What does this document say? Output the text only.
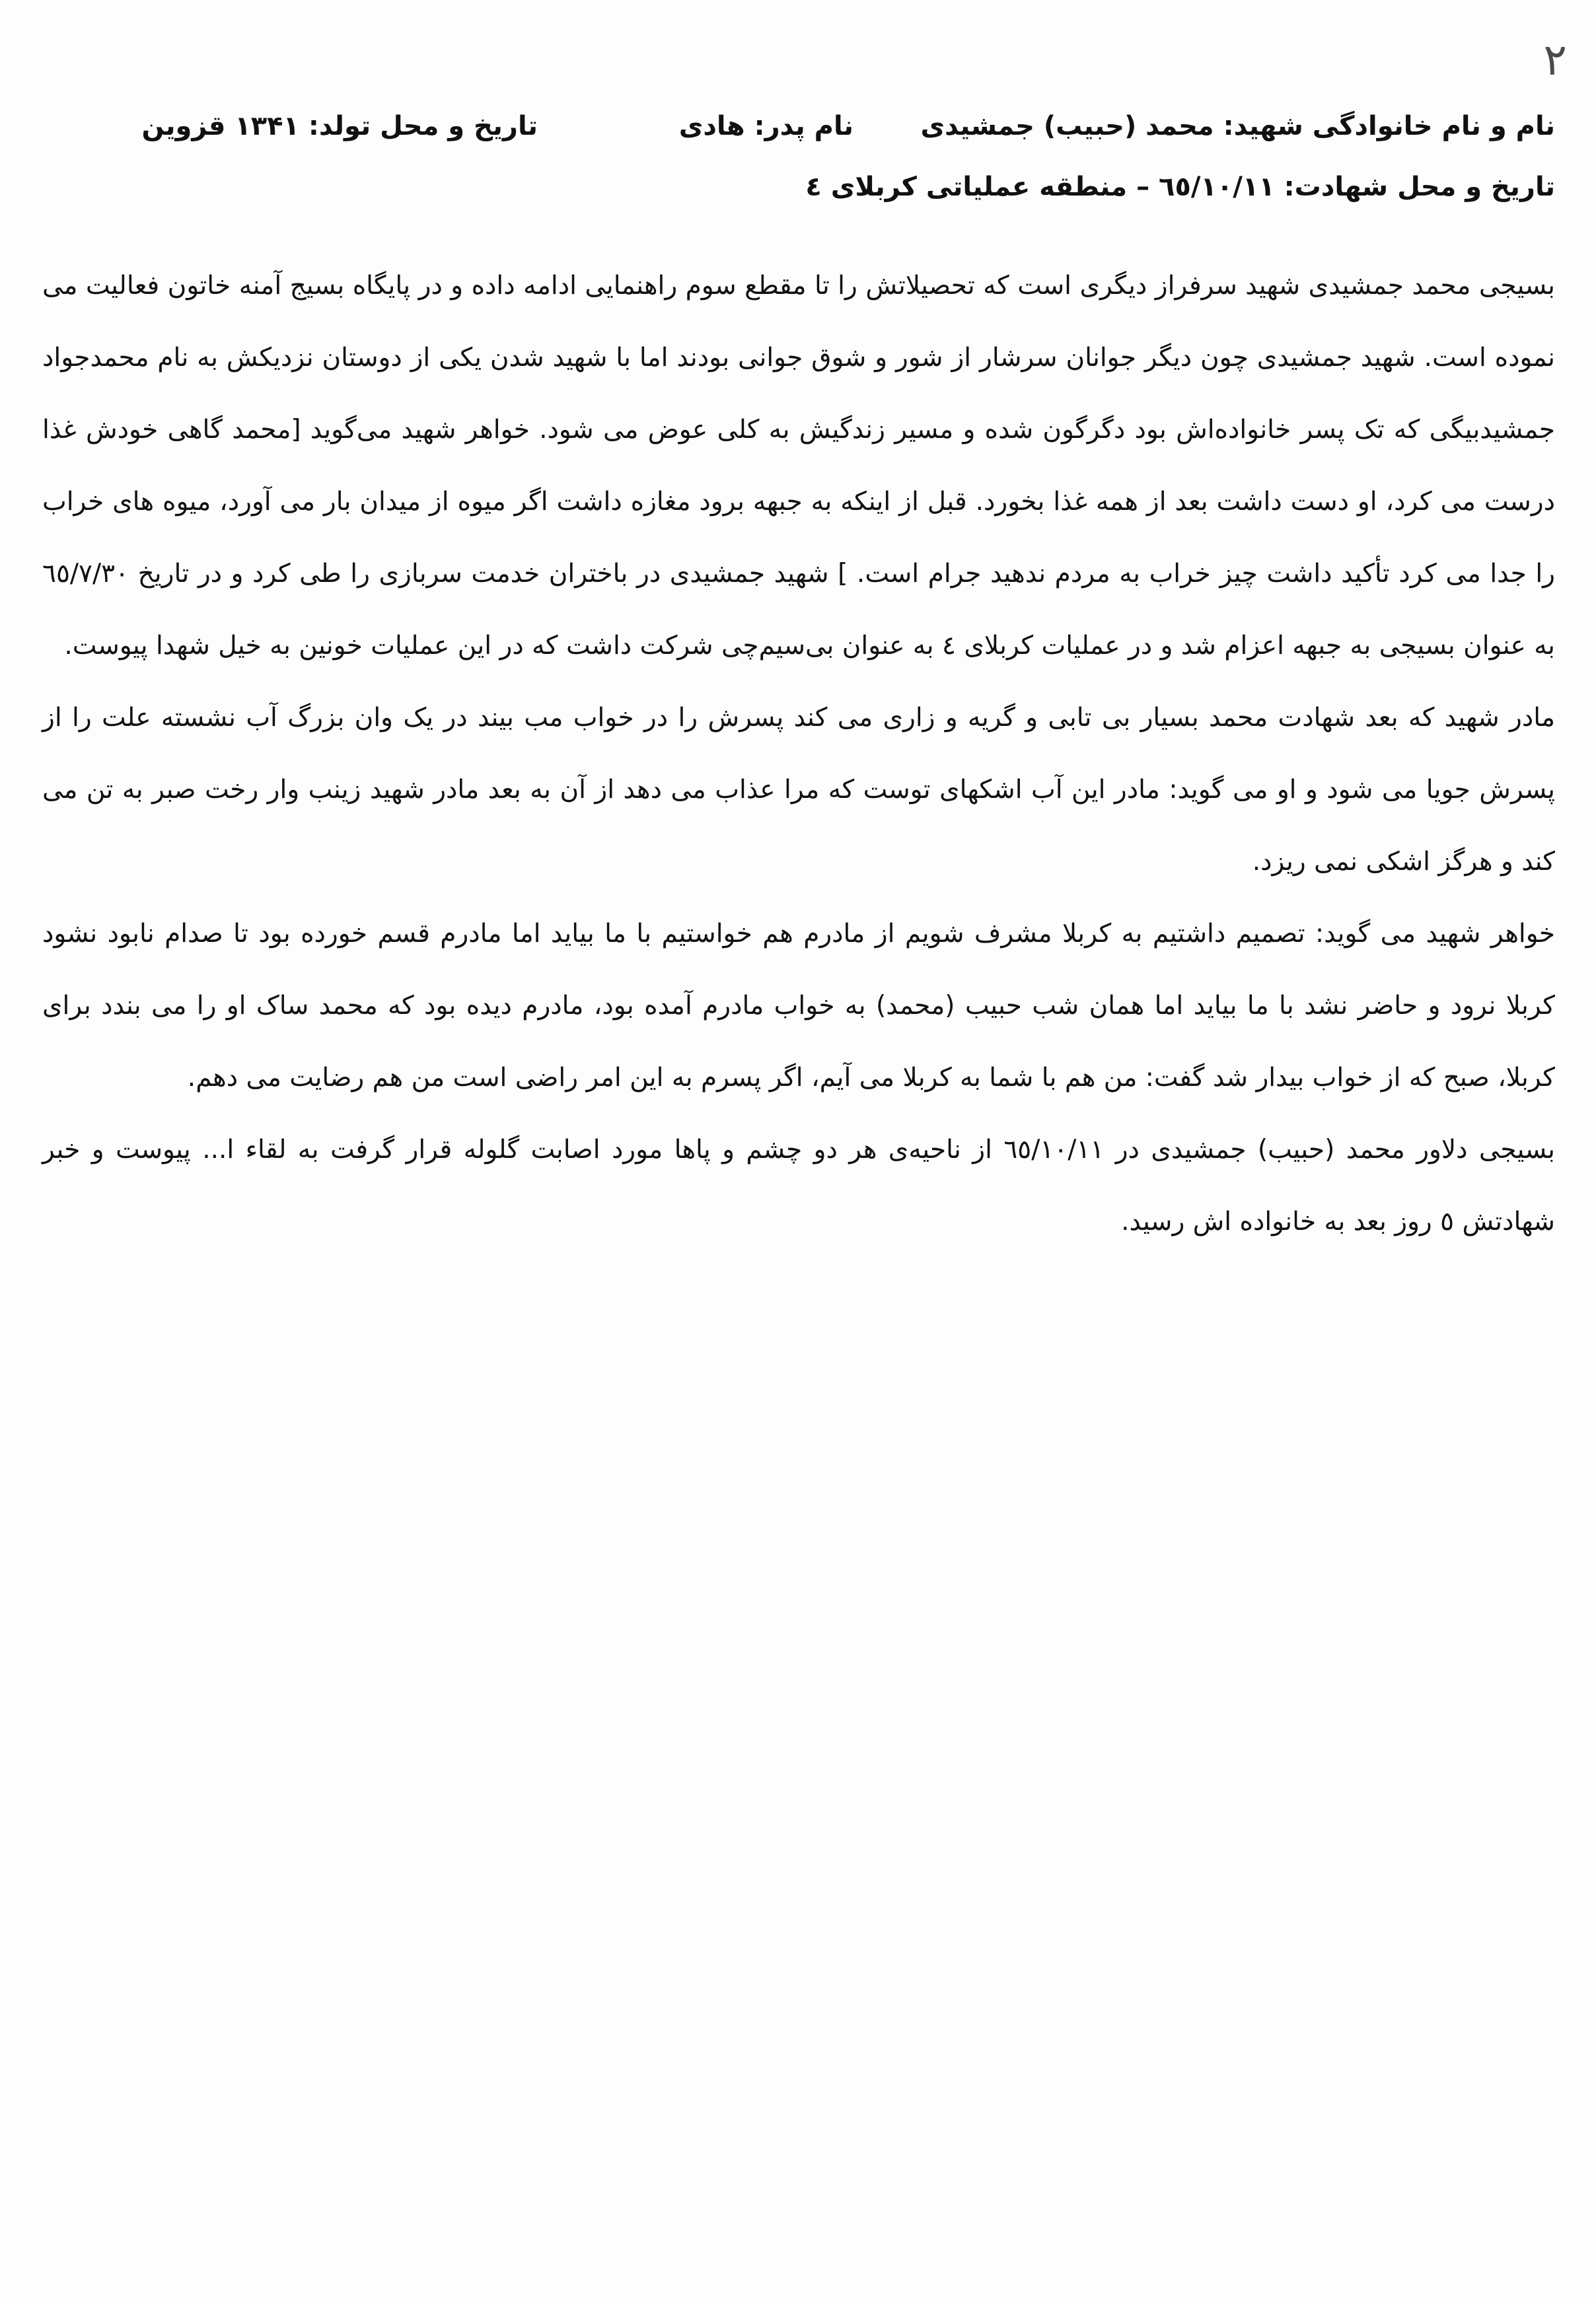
۲
نام و نام خانوادگی شهید: محمد (حبیب) جمشیدی
نام پدر: هادی
تاریخ و محل تولد: ۱۳۴۱ قزوین
تاریخ و محل شهادت: ٦٥/١٠/١١ – منطقه عملیاتی کربلای ٤

بسیجی محمد جمشیدی شهید سرفراز دیگری است که تحصیلاتش را تا مقطع سوم راهنمایی ادامه داده و در پایگاه بسیج آمنه خاتون فعالیت می نموده است. شهید جمشیدی چون دیگر جوانان سرشار از شور و شوق جوانی بودند اما با شهید شدن یکی از دوستان نزدیکش به نام محمدجواد جمشیدبیگی که تک پسر خانواده‌اش بود دگرگون شده و مسیر زندگیش به کلی عوض می شود. خواهر شهید می‌گوید [محمد گاهی خودش غذا درست می کرد، او دست داشت بعد از همه غذا بخورد. قبل از اینکه به جبهه برود مغازه داشت اگر میوه از میدان بار می آورد، میوه های خراب را جدا می کرد تأکید داشت چیز خراب به مردم ندهید جرام است. ] شهید جمشیدی در باختران خدمت سربازی را طی کرد و در تاریخ ٦٥/٧/٣٠ به عنوان بسیجی به جبهه اعزام شد و در عملیات کربلای ٤ به عنوان بی‌سیم‌چی شرکت داشت که در این عملیات خونین به خیل شهدا پیوست.

مادر شهید که بعد شهادت محمد بسیار بی تابی و گریه و زاری می کند پسرش را در خواب مب بیند در یک وان بزرگ آب نشسته علت را از پسرش جویا می شود و او می گوید: مادر این آب اشکهای توست که مرا عذاب می دهد از آن به بعد مادر شهید زینب وار رخت صبر به تن می کند و هرگز اشکی نمی ریزد.

خواهر شهید می گوید: تصمیم داشتیم به کربلا مشرف شویم از مادرم هم خواستیم با ما بیاید اما مادرم قسم خورده بود تا صدام نابود نشود کربلا نرود و حاضر نشد با ما بیاید اما همان شب حبیب (محمد) به خواب مادرم آمده بود، مادرم دیده بود که محمد ساک او را می بندد برای کربلا، صبح که از خواب بیدار شد گفت: من هم با شما به کربلا می آیم، اگر پسرم به این امر راضی است من هم رضایت می دهم.

بسیجی دلاور محمد (حبیب) جمشیدی در ٦٥/١٠/١١ از ناحیه‌ی هر دو چشم و پاها مورد اصابت گلوله قرار گرفت به لقاء ا... پیوست و خبر شهادتش ٥ روز بعد به خانواده اش رسید.
